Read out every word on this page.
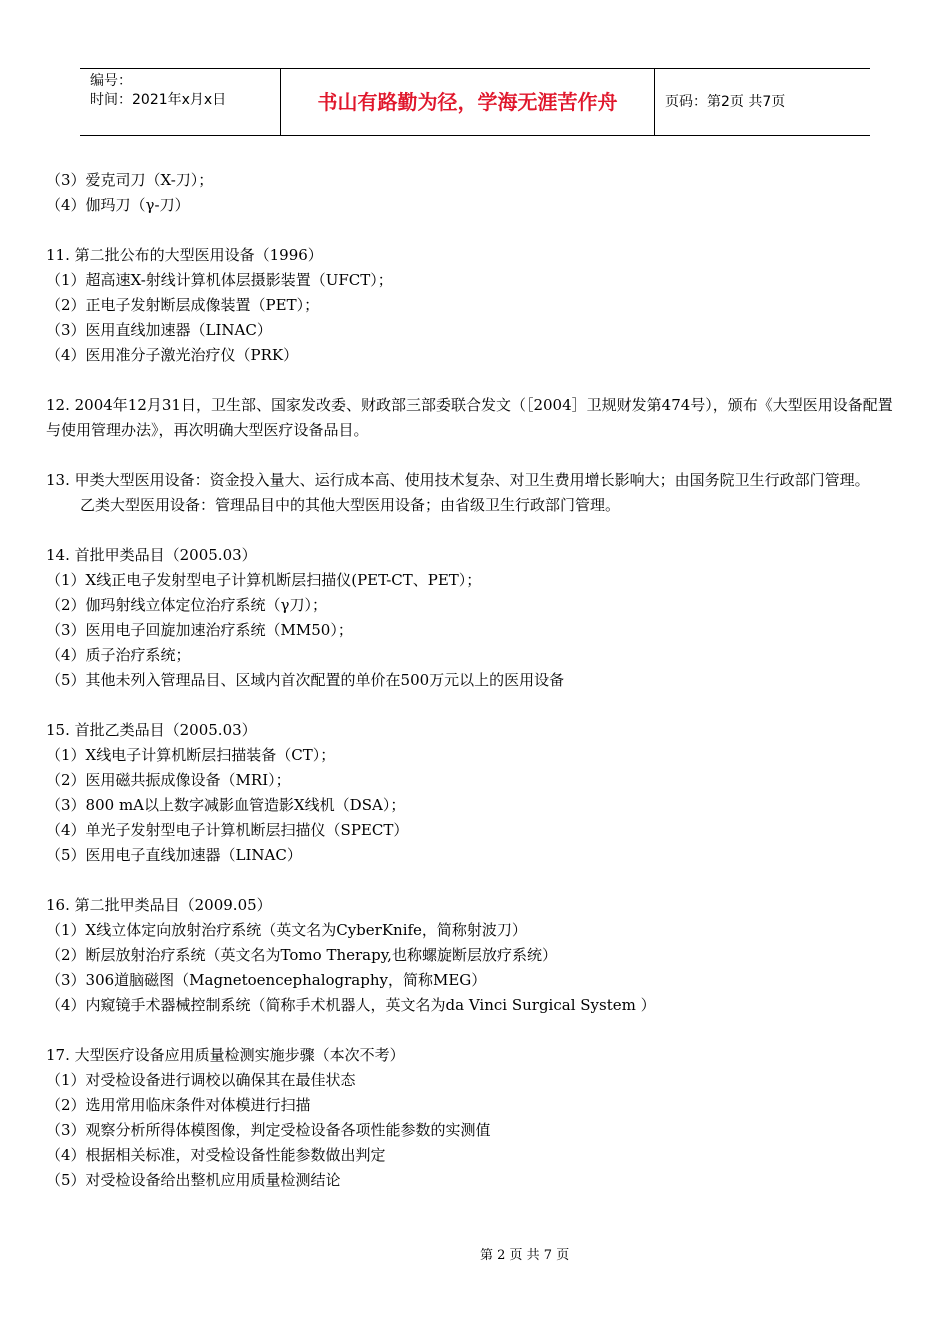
编号：
时间：2021年x月x日	书山有路勤为径，学海无涯苦作舟	页码：第2页 共7页

（3）爱克司刀（X-刀）；

（4）伽玛刀（γ-刀）

11. 第二批公布的大型医用设备（1996）

（1）超高速X-射线计算机体层摄影装置（UFCT）；

（2）正电子发射断层成像装置（PET）；

（3）医用直线加速器（LINAC）

（4）医用准分子激光治疗仪（PRK）

12. 2004年12月31日，卫生部、国家发改委、财政部三部委联合发文（［2004］卫规财发第474号），颁布《大型医用设备配置与使用管理办法》，再次明确大型医疗设备品目。

13. 甲类大型医用设备：资金投入量大、运行成本高、使用技术复杂、对卫生费用增长影响大；由国务院卫生行政部门管理。

乙类大型医用设备：管理品目中的其他大型医用设备；由省级卫生行政部门管理。

14. 首批甲类品目（2005.03）

（1）X线正电子发射型电子计算机断层扫描仪(PET-CT、PET）；

（2）伽玛射线立体定位治疗系统（γ刀）；

（3）医用电子回旋加速治疗系统（MM50）；

（4）质子治疗系统；

（5）其他未列入管理品目、区域内首次配置的单价在500万元以上的医用设备

15. 首批乙类品目（2005.03）

（1）X线电子计算机断层扫描装备（CT）；

（2）医用磁共振成像设备（MRI）；

（3）800 mA以上数字减影血管造影X线机（DSA）；

（4）单光子发射型电子计算机断层扫描仪（SPECT）

（5）医用电子直线加速器（LINAC）

16. 第二批甲类品目（2009.05）

（1）X线立体定向放射治疗系统（英文名为CyberKnife，简称射波刀）

（2）断层放射治疗系统（英文名为Tomo Therapy,也称螺旋断层放疗系统）

（3）306道脑磁图（Magnetoencephalography，简称MEG）

（4）内窥镜手术器械控制系统（简称手术机器人，英文名为da Vinci Surgical System ）

17. 大型医疗设备应用质量检测实施步骤（本次不考）

（1）对受检设备进行调校以确保其在最佳状态

（2）选用常用临床条件对体模进行扫描

（3）观察分析所得体模图像，判定受检设备各项性能参数的实测值

（4）根据相关标准，对受检设备性能参数做出判定

（5）对受检设备给出整机应用质量检测结论

第 2 页 共 7 页
